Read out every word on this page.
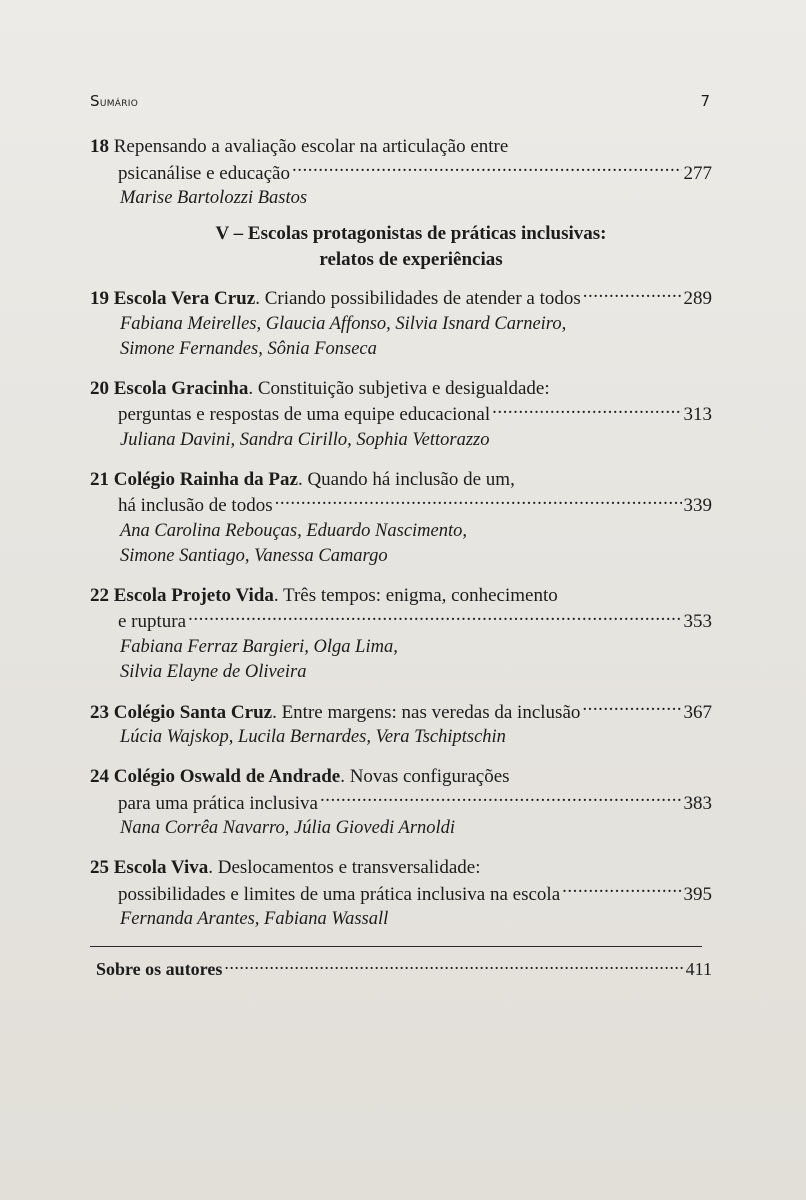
Sumário	7
18 Repensando a avaliação escolar na articulação entre
psicanálise e educação .....	277
Marise Bartolozzi Bastos
V – Escolas protagonistas de práticas inclusivas:
relatos de experiências
19 Escola Vera Cruz. Criando possibilidades de atender a todos .....	289
Fabiana Meirelles, Glaucia Affonso, Silvia Isnard Carneiro,
Simone Fernandes, Sônia Fonseca
20 Escola Gracinha. Constituição subjetiva e desigualdade:
perguntas e respostas de uma equipe educacional .....	313
Juliana Davini, Sandra Cirillo, Sophia Vettorazzo
21 Colégio Rainha da Paz. Quando há inclusão de um,
há inclusão de todos .....	339
Ana Carolina Rebouças, Eduardo Nascimento,
Simone Santiago, Vanessa Camargo
22 Escola Projeto Vida. Três tempos: enigma, conhecimento
e ruptura .....	353
Fabiana Ferraz Bargieri, Olga Lima,
Silvia Elayne de Oliveira
23 Colégio Santa Cruz. Entre margens: nas veredas da inclusão .....	367
Lúcia Wajskop, Lucila Bernardes, Vera Tschiptschin
24 Colégio Oswald de Andrade. Novas configurações
para uma prática inclusiva .....	383
Nana Corrêa Navarro, Júlia Giovedi Arnoldi
25 Escola Viva. Deslocamentos e transversalidade:
possibilidades e limites de uma prática inclusiva na escola .....	395
Fernanda Arantes, Fabiana Wassall
Sobre os autores .....	411
